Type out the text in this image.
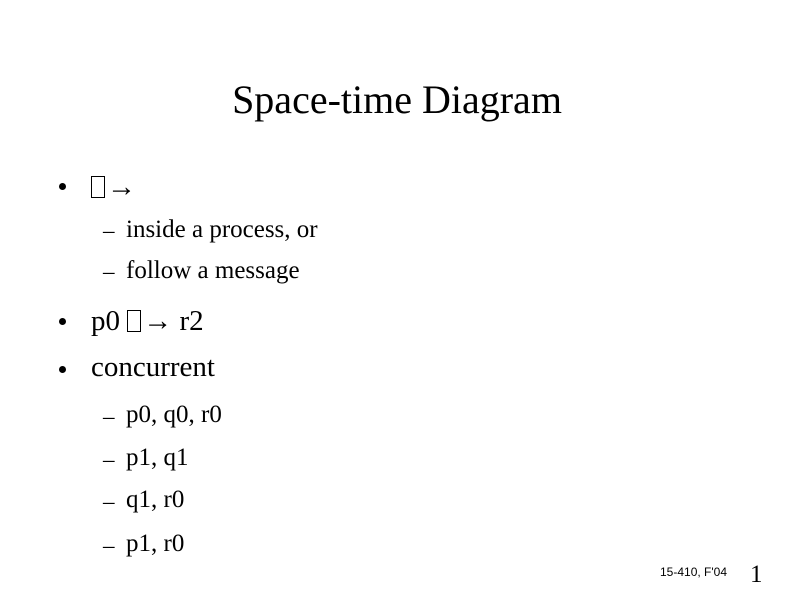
Space-time Diagram
→
– inside a process, or
– follow a message
p0 → r2
concurrent
– p0, q0, r0
– p1, q1
– q1, r0
– p1, r0
15-410, F'04 1
